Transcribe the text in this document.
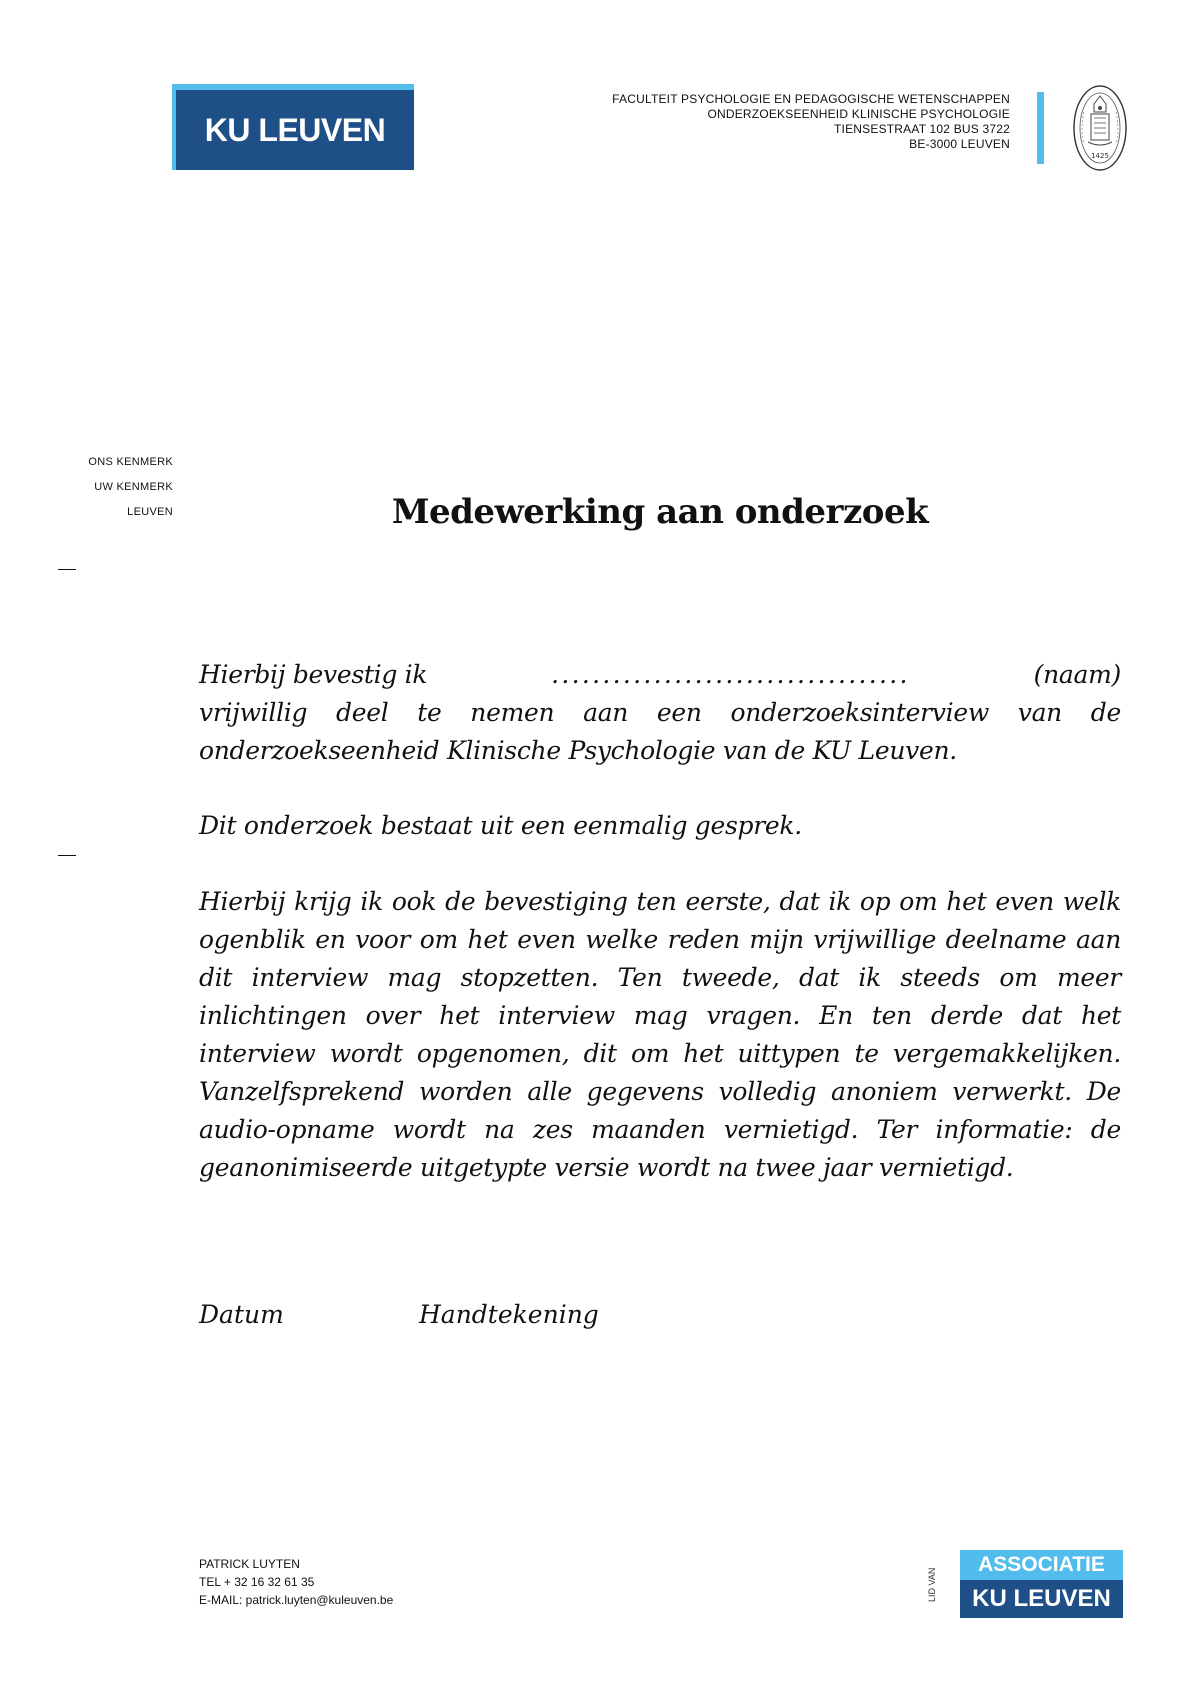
KU LEUVEN
FACULTEIT PSYCHOLOGIE EN PEDAGOGISCHE WETENSCHAPPEN
ONDERZOEKSEENHEID KLINISCHE PSYCHOLOGIE
TIENSESTRAAT 102 BUS 3722
BE-3000 LEUVEN
1425
ONS KENMERK
UW KENMERK
LEUVEN	Medewerking aan onderzoek
Hierbij bevestig ik	...................................	(naam)
vrijwillig deel te nemen aan een onderzoeksinterview van de onderzoekseenheid Klinische Psychologie van de KU Leuven.
Dit onderzoek bestaat uit een eenmalig gesprek.
Hierbij krijg ik ook de bevestiging ten eerste, dat ik op om het even welk ogenblik en voor om het even welke reden mijn vrijwillige deelname aan dit interview mag stopzetten. Ten tweede, dat ik steeds om meer inlichtingen over het interview mag vragen. En ten derde dat het interview wordt opgenomen, dit om het uittypen te vergemakkelijken. Vanzelfsprekend worden alle gegevens volledig anoniem verwerkt. De audio-opname wordt na zes maanden vernietigd. Ter informatie: de geanonimiseerde uitgetypte versie wordt na twee jaar vernietigd.
Datum	Handtekening
PATRICK LUYTEN
TEL + 32 16 32 61 35
E-MAIL: patrick.luyten@kuleuven.be	LID VAN
ASSOCIATIE
KU LEUVEN
